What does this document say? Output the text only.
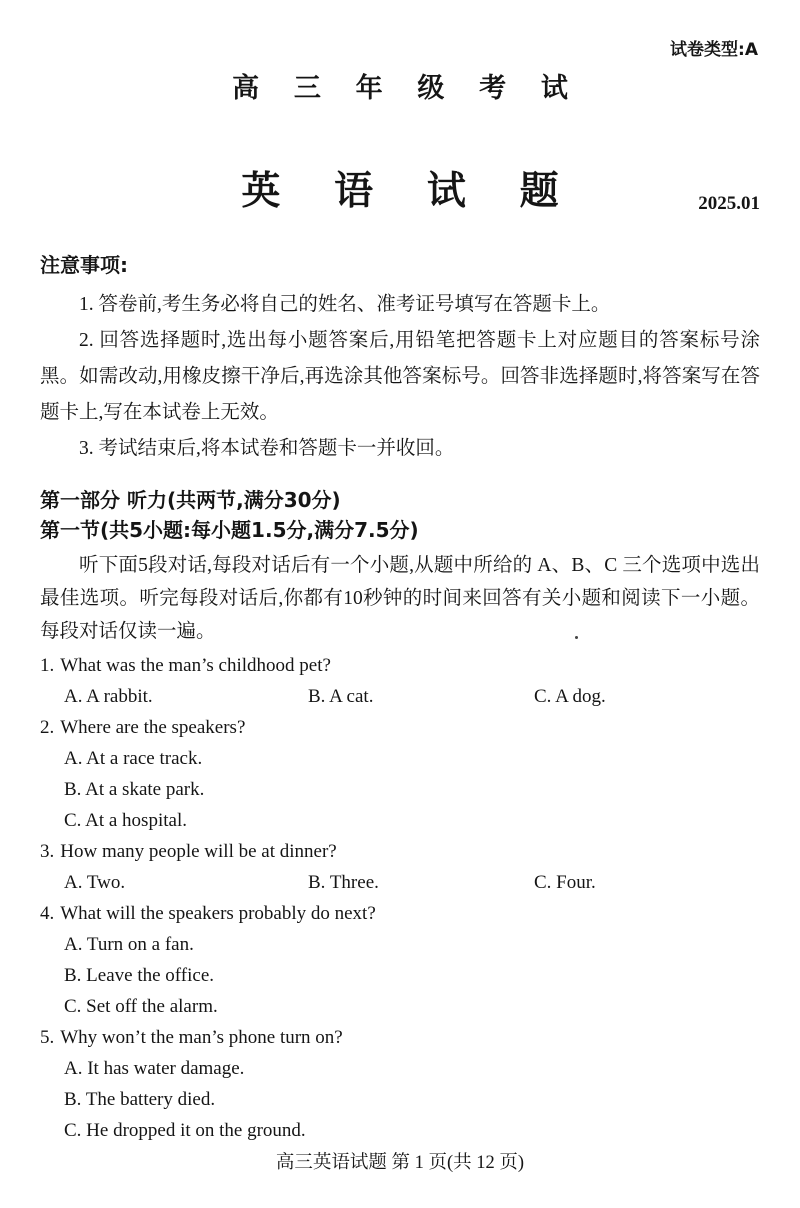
试卷类型:A
高 三 年 级 考 试
英 语 试 题	2025.01
注意事项:

1. 答卷前,考生务必将自己的姓名、准考证号填写在答题卡上。

2. 回答选择题时,选出每小题答案后,用铅笔把答题卡上对应题目的答案标号涂黑。如需改动,用橡皮擦干净后,再选涂其他答案标号。回答非选择题时,将答案写在答题卡上,写在本试卷上无效。

3. 考试结束后,将本试卷和答题卡一并收回。

第一部分 听力(共两节,满分30分)
第一节(共5小题:每小题1.5分,满分7.5分)

听下面5段对话,每段对话后有一个小题,从题中所给的 A、B、C 三个选项中选出最佳选项。听完每段对话后,你都有10秒钟的时间来回答有关小题和阅读下一小题。每段对话仅读一遍。

1. What was the man’s childhood pet?
A. A rabbit.	B. A cat.	C. A dog.
2. Where are the speakers?
A. At a race track.
B. At a skate park.
C. At a hospital.
3. How many people will be at dinner?
A. Two.	B. Three.	C. Four.
4. What will the speakers probably do next?
A. Turn on a fan.
B. Leave the office.
C. Set off the alarm.
5. Why won’t the man’s phone turn on?
A. It has water damage.
B. The battery died.
C. He dropped it on the ground.
高三英语试题 第 1 页(共 12 页)
